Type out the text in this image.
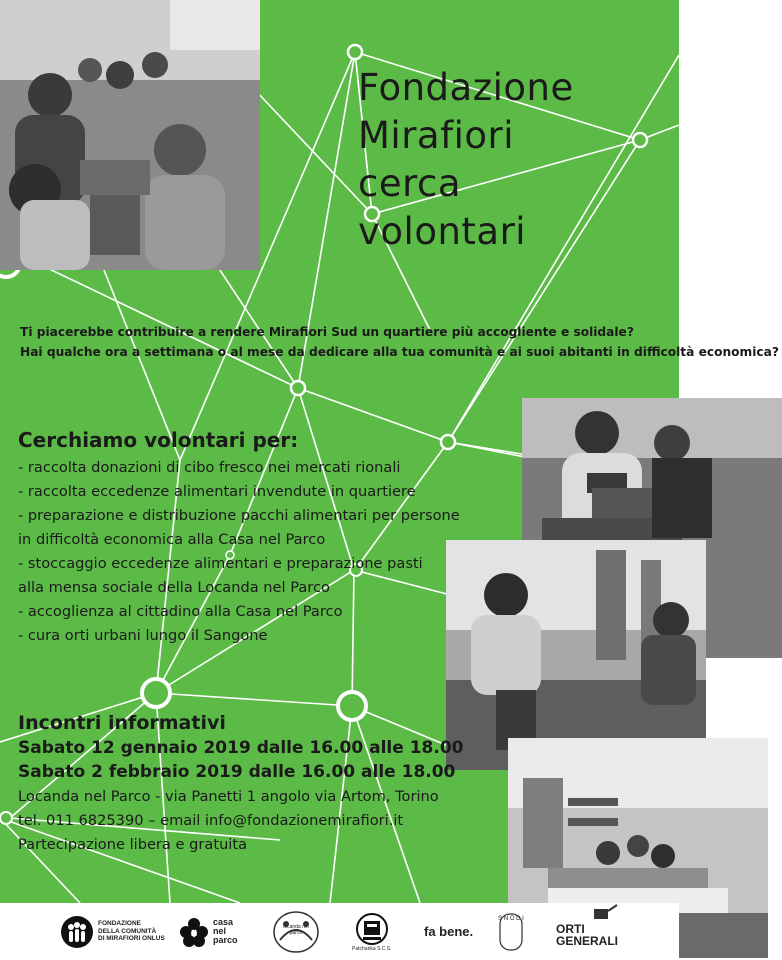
Fondazione
Mirafiori
cerca
volontari
Ti piacerebbe contribuire a rendere Mirafiori Sud un quartiere più accogliente e solidale?
Hai qualche ora a settimana o al mese da dedicare alla tua comunità e ai suoi abitanti in difficoltà economica?
Cerchiamo volontari per:
- raccolta donazioni di cibo fresco nei mercati rionali
- raccolta eccedenze alimentari invendute in quartiere
- preparazione e distribuzione pacchi alimentari per persone
in difficoltà economica alla Casa nel Parco
- stoccaggio eccedenze alimentari e preparazione pasti
alla mensa sociale della Locanda nel Parco
- accoglienza al cittadino alla Casa nel Parco
- cura orti urbani lungo il Sangone
Incontri informativi
Sabato 12 gennaio 2019 dalle 16.00 alle 18.00
Sabato 2 febbraio 2019 dalle 16.00 alle 18.00
Locanda nel Parco - via Panetti 1 angolo via Artom, Torino
tel. 011 6825390 – email info@fondazionemirafiori.it
Partecipazione libera e gratuita
FONDAZIONE
DELLA COMUNITÀ
DI MIRAFIORI ONLUS
casa
nel
parco
locanda nel parco
Patchanka S.C.S.
fa bene.
S N O D I
ORTI
GENERALI
